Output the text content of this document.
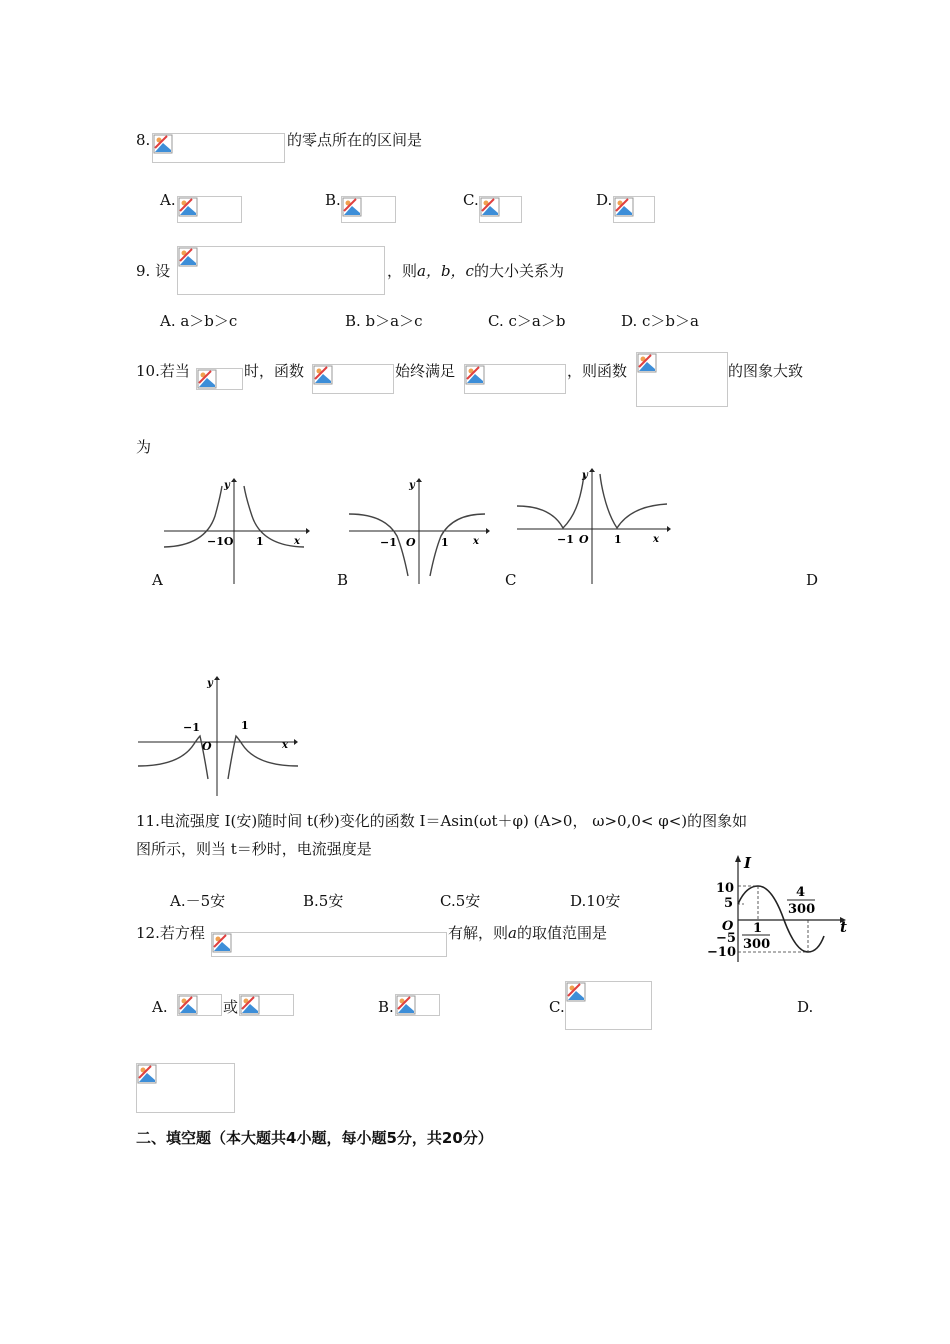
8.	的零点所在的区间是
A.	B.	C.	D.
9. 设	，则a，b，c的大小关系为
A. a＞b＞c	B. b＞a＞c	C. c＞a＞b	D. c＞b＞a
10.若当	时，函数	始终满足	，则函数	的图象大致
为
y
x
−1O 1
A
y
x
−1 O 1
B
y
x
−1 O 1
C	D
y
x
−1	1
O
11.电流强度 I(安)随时间 t(秒)变化的函数 I＝Asin(ωt＋φ) (A>0， ω>0,0< φ<)的图象如
图所示，则当 t＝秒时，电流强度是
A.－5安	B.5安	C.5安	D.10安
I
t
10
5
O
−5
−10
1
300
4
300
12.若方程	有解，则a的取值范围是
A.	或	B.	C.	D.
二、填空题（本大题共4小题，每小题5分，共20分）
